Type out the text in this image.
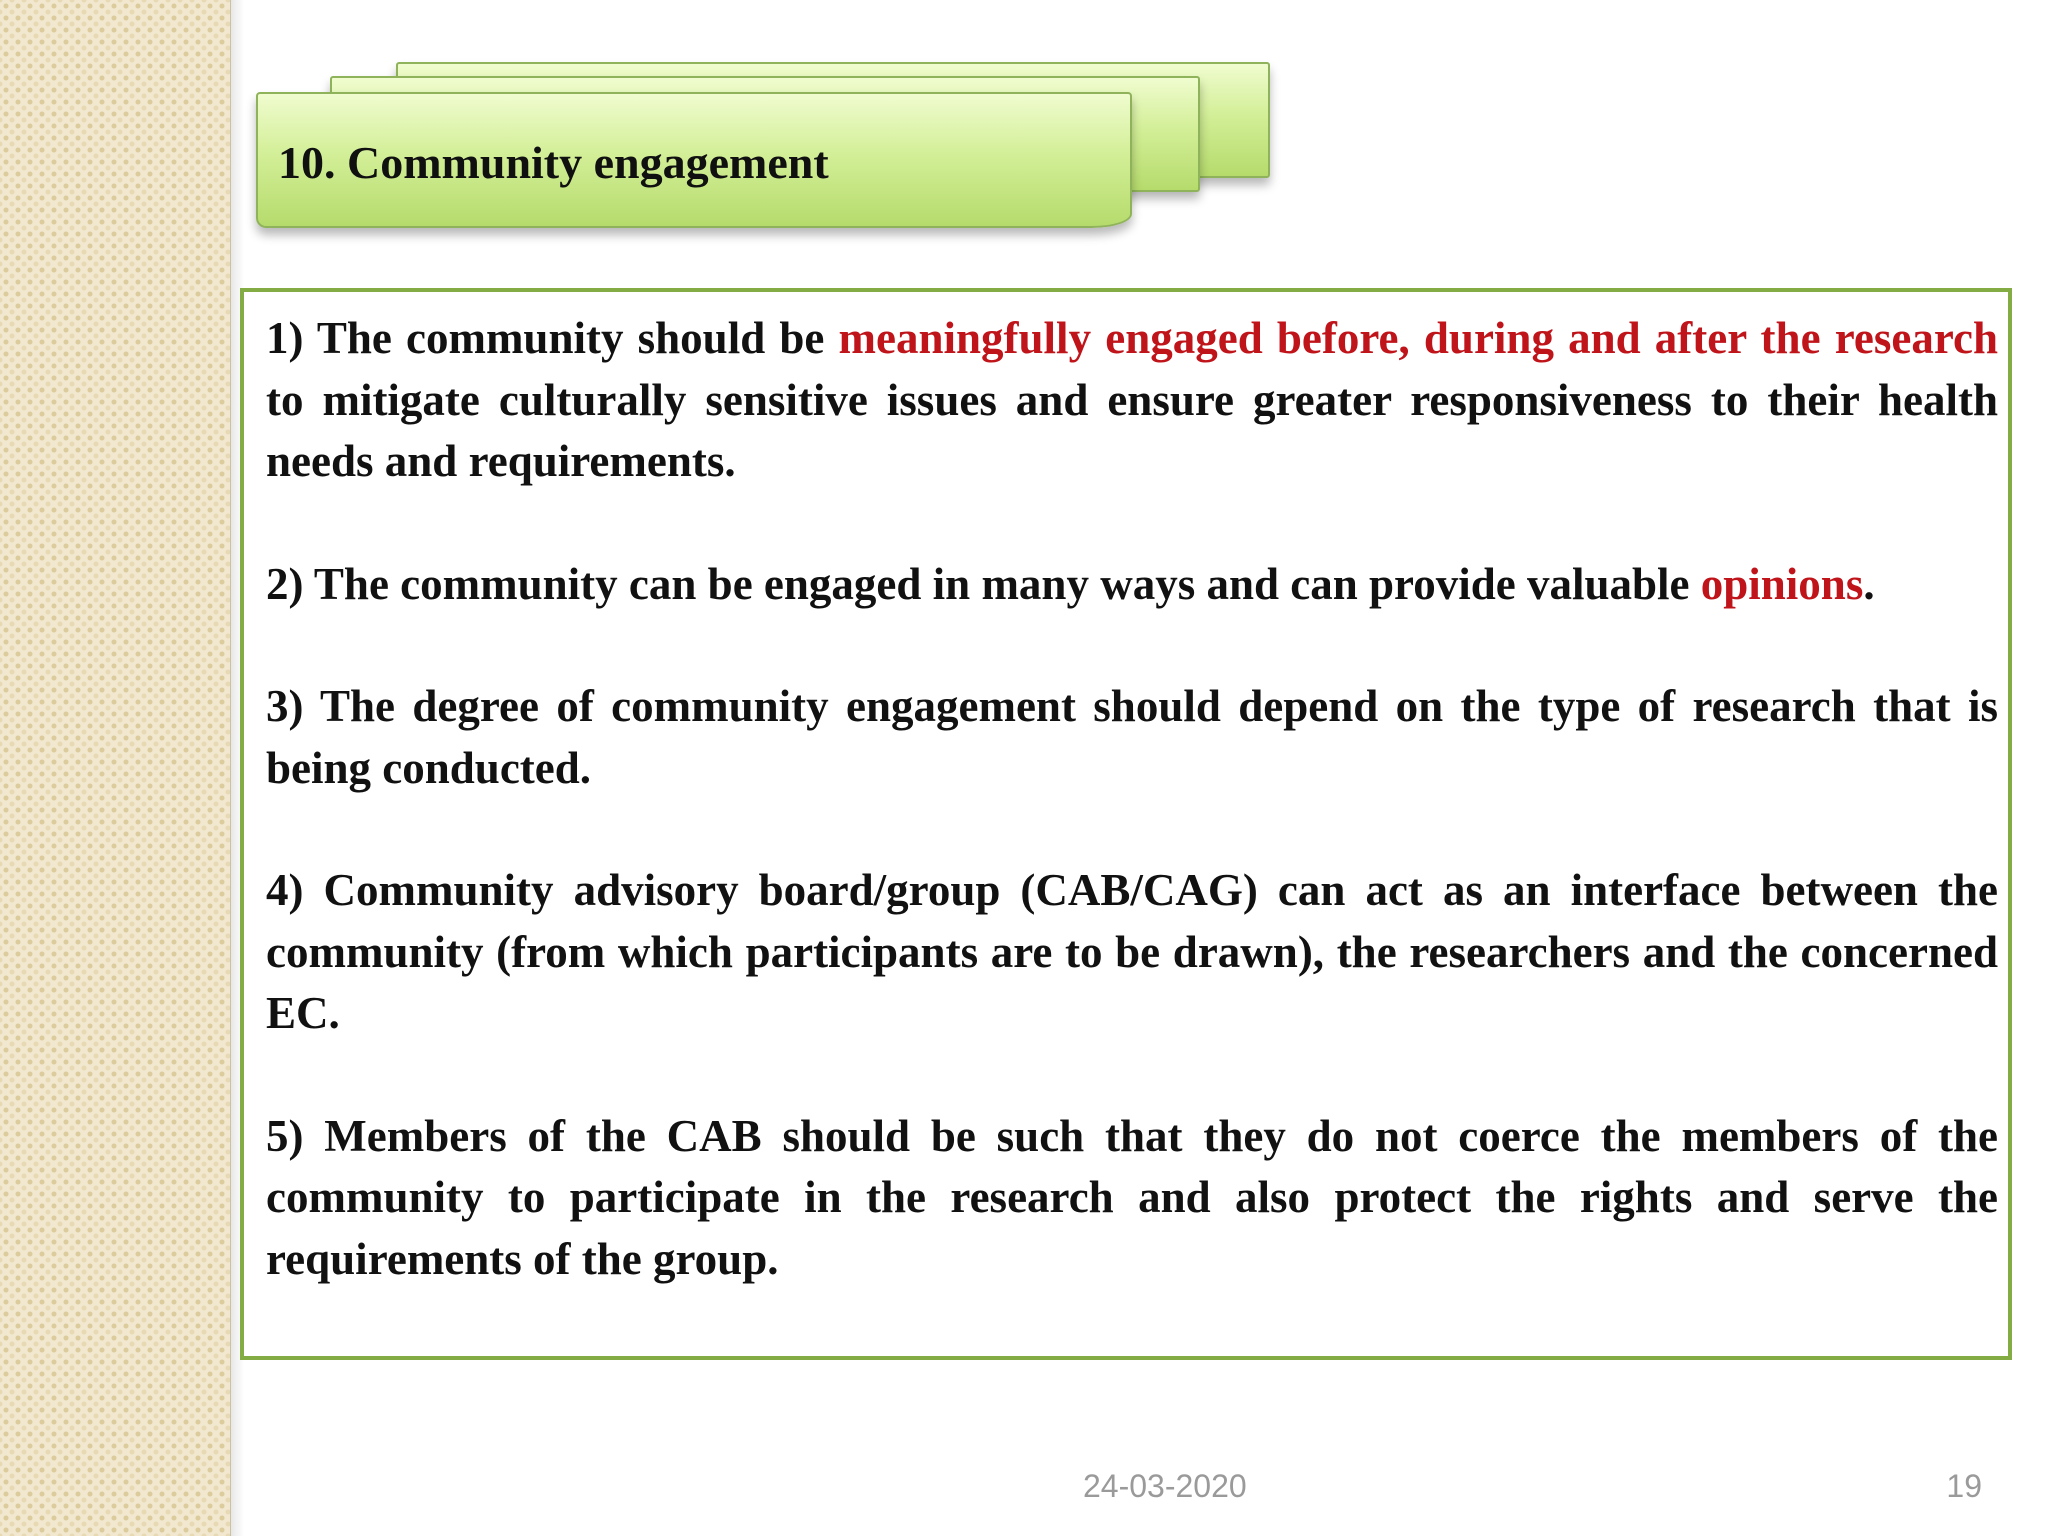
10. Community engagement

1) The community should be meaningfully engaged before, during and after the research to mitigate culturally sensitive issues and ensure greater responsiveness to their health needs and requirements.

2) The community can be engaged in many ways and can provide valuable opinions.

3) The degree of community engagement should depend on the type of research that is being conducted.

4) Community advisory board/group (CAB/CAG) can act as an interface between the community (from which participants are to be drawn), the researchers and the concerned EC.

5) Members of the CAB should be such that they do not coerce the members of the community to participate in the research and also protect the rights and serve the requirements of the group.

24-03-2020	19
